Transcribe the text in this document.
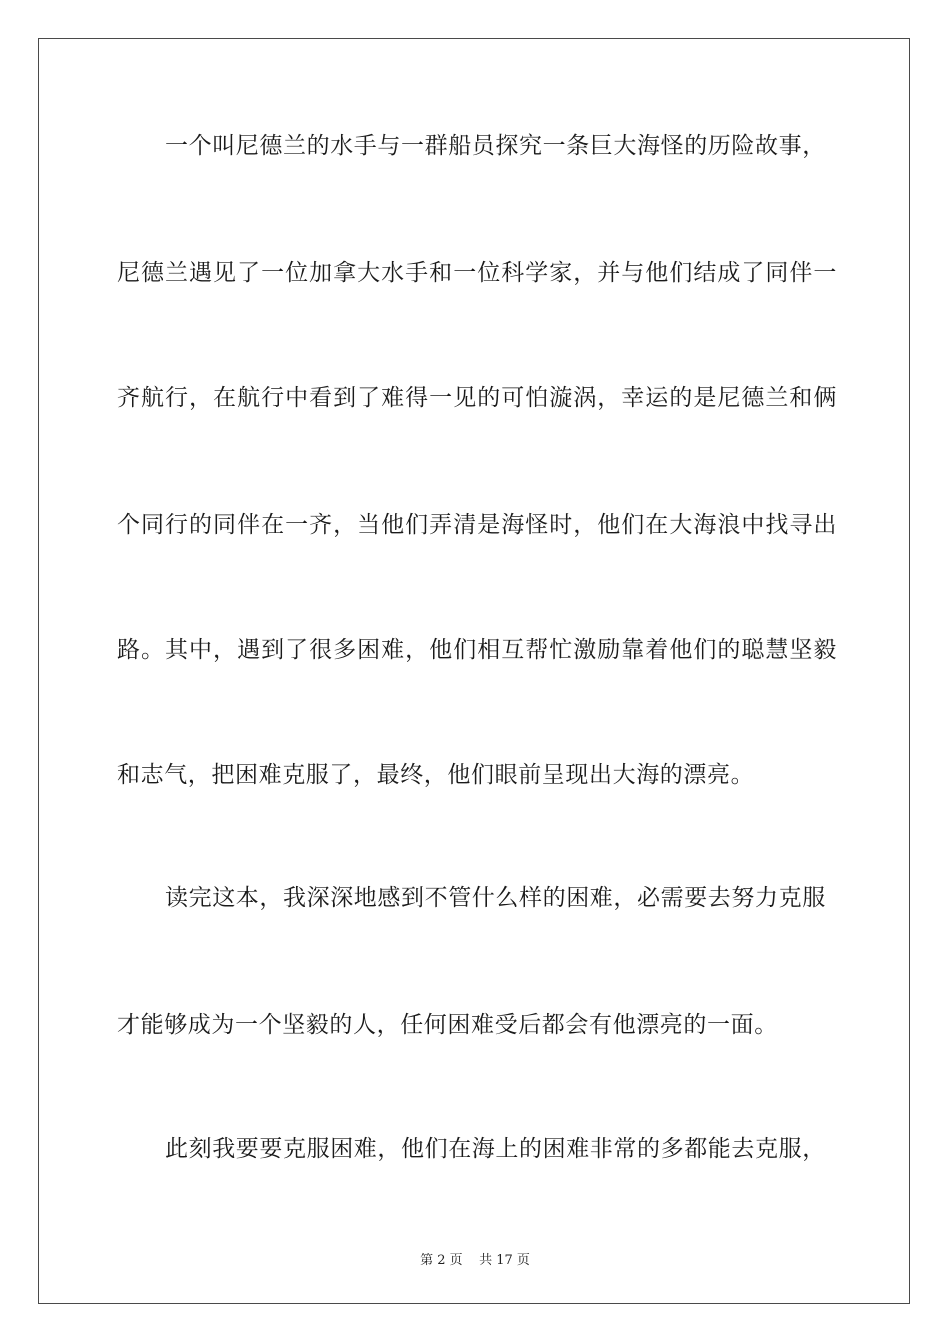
一个叫尼德兰的水手与一群船员探究一条巨大海怪的历险故事，
尼德兰遇见了一位加拿大水手和一位科学家，并与他们结成了同伴一
齐航行，在航行中看到了难得一见的可怕漩涡，幸运的是尼德兰和俩
个同行的同伴在一齐，当他们弄清是海怪时，他们在大海浪中找寻出
路。其中，遇到了很多困难，他们相互帮忙激励靠着他们的聪慧坚毅
和志气，把困难克服了，最终，他们眼前呈现出大海的漂亮。
读完这本，我深深地感到不管什么样的困难，必需要去努力克服
才能够成为一个坚毅的人，任何困难受后都会有他漂亮的一面。
此刻我要要克服困难，他们在海上的困难非常的多都能去克服，
第 2 页    共 17 页
